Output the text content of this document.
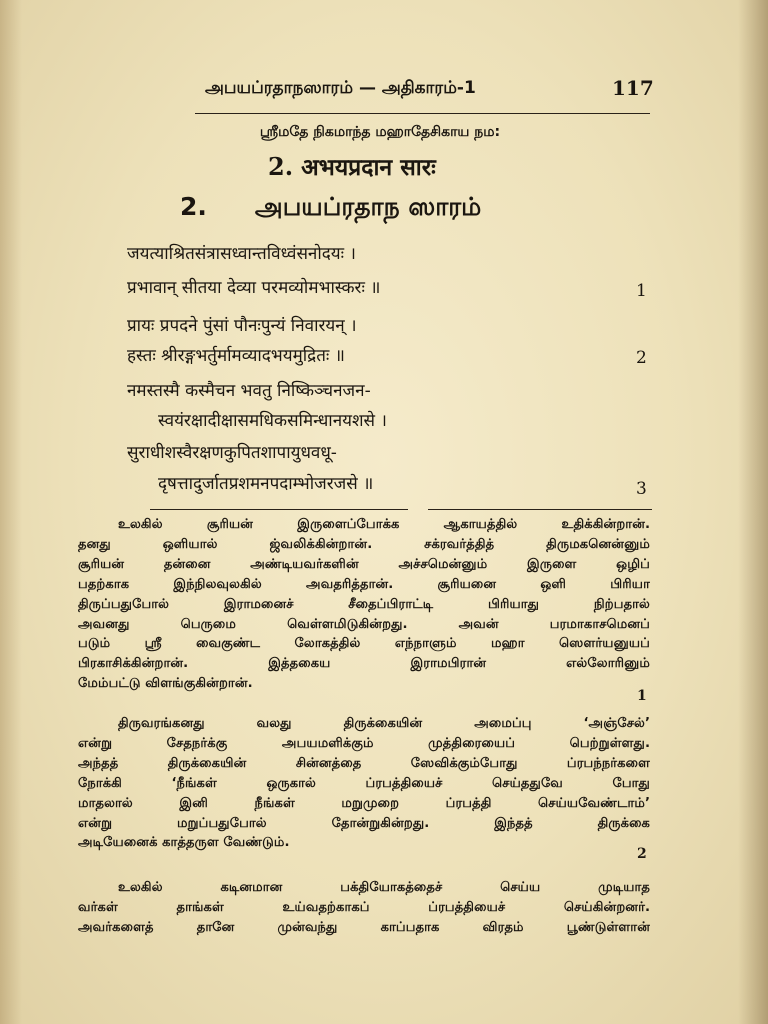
அபயப்ரதாநஸாரம் — அதிகாரம்-1	117
ஸ்ரீமதே நிகமாந்த மஹாதேசிகாய நம:
2. अभयप्रदान सारः
2. அபயப்ரதாந ஸாரம்
जयत्याश्रितसंत्रासध्वान्तविध्वंसनोदयः ।
प्रभावान् सीतया देव्या परमव्योमभास्करः ॥	1
प्रायः प्रपदने पुंसां पौनःपुन्यं निवारयन् ।
हस्तः श्रीरङ्गभर्तुर्मामव्यादभयमुद्रितः ॥	2
नमस्तस्मै कस्मैचन भवतु निष्किञ्चनजन-
स्वयंरक्षादीक्षासमधिकसमिन्धानयशसे ।
सुराधीशस्वैरक्षणकुपितशापायुधवधू-
दृषत्तादुर्जातप्रशमनपदाम्भोजरजसे ॥	3
உலகில் சூரியன் இருளைப்போக்க ஆகாயத்தில் உதிக்கின்றான்.
தனது ஒளியால் ஜ்வலிக்கின்றான். சக்ரவர்த்தித் திருமகனென்னும்
சூரியன் தன்னை அண்டியவர்களின் அச்சமென்னும் இருளை ஒழிப்
பதற்காக இந்நிலவுலகில் அவதரித்தான். சூரியனை ஒளி பிரியா
திருப்பதுபோல் இராமனைச் சீதைப்பிராட்டி பிரியாது நிற்பதால்
அவனது பெருமை வெள்ளமிடுகின்றது. அவன் பரமாகாசமெனப்
படும் ஸ்ரீ வைகுண்ட லோகத்தில் எந்நாளும் மஹா ஸௌர்யனுயப்
பிரகாசிக்கின்றான். இத்தகைய இராமபிரான் எல்லோரினும்
மேம்பட்டு விளங்குகின்றான்.
1
திருவரங்கனது வலது திருக்கையின் அமைப்பு ‘அஞ்சேல்’
என்று சேதநர்க்கு அபயமளிக்கும் முத்திரையைப் பெற்றுள்ளது.
அந்தத் திருக்கையின் சின்னத்தை ஸேவிக்கும்போது ப்ரபந்நர்களை
நோக்கி ‘நீங்கள் ஒருகால் ப்ரபத்தியைச் செய்ததுவே போது
மாதலால் இனி நீங்கள் மறுமுறை ப்ரபத்தி செய்யவேண்டாம்’
என்று மறுப்பதுபோல் தோன்றுகின்றது. இந்தத் திருக்கை
அடியேனைக் காத்தருள வேண்டும்.
2
உலகில் கடினமான பக்தியோகத்தைச் செய்ய முடியாத
வர்கள் தாங்கள் உய்வதற்காகப் ப்ரபத்தியைச் செய்கின்றனர்.
அவர்களைத் தானே முன்வந்து காப்பதாக விரதம் பூண்டுள்ளான்
